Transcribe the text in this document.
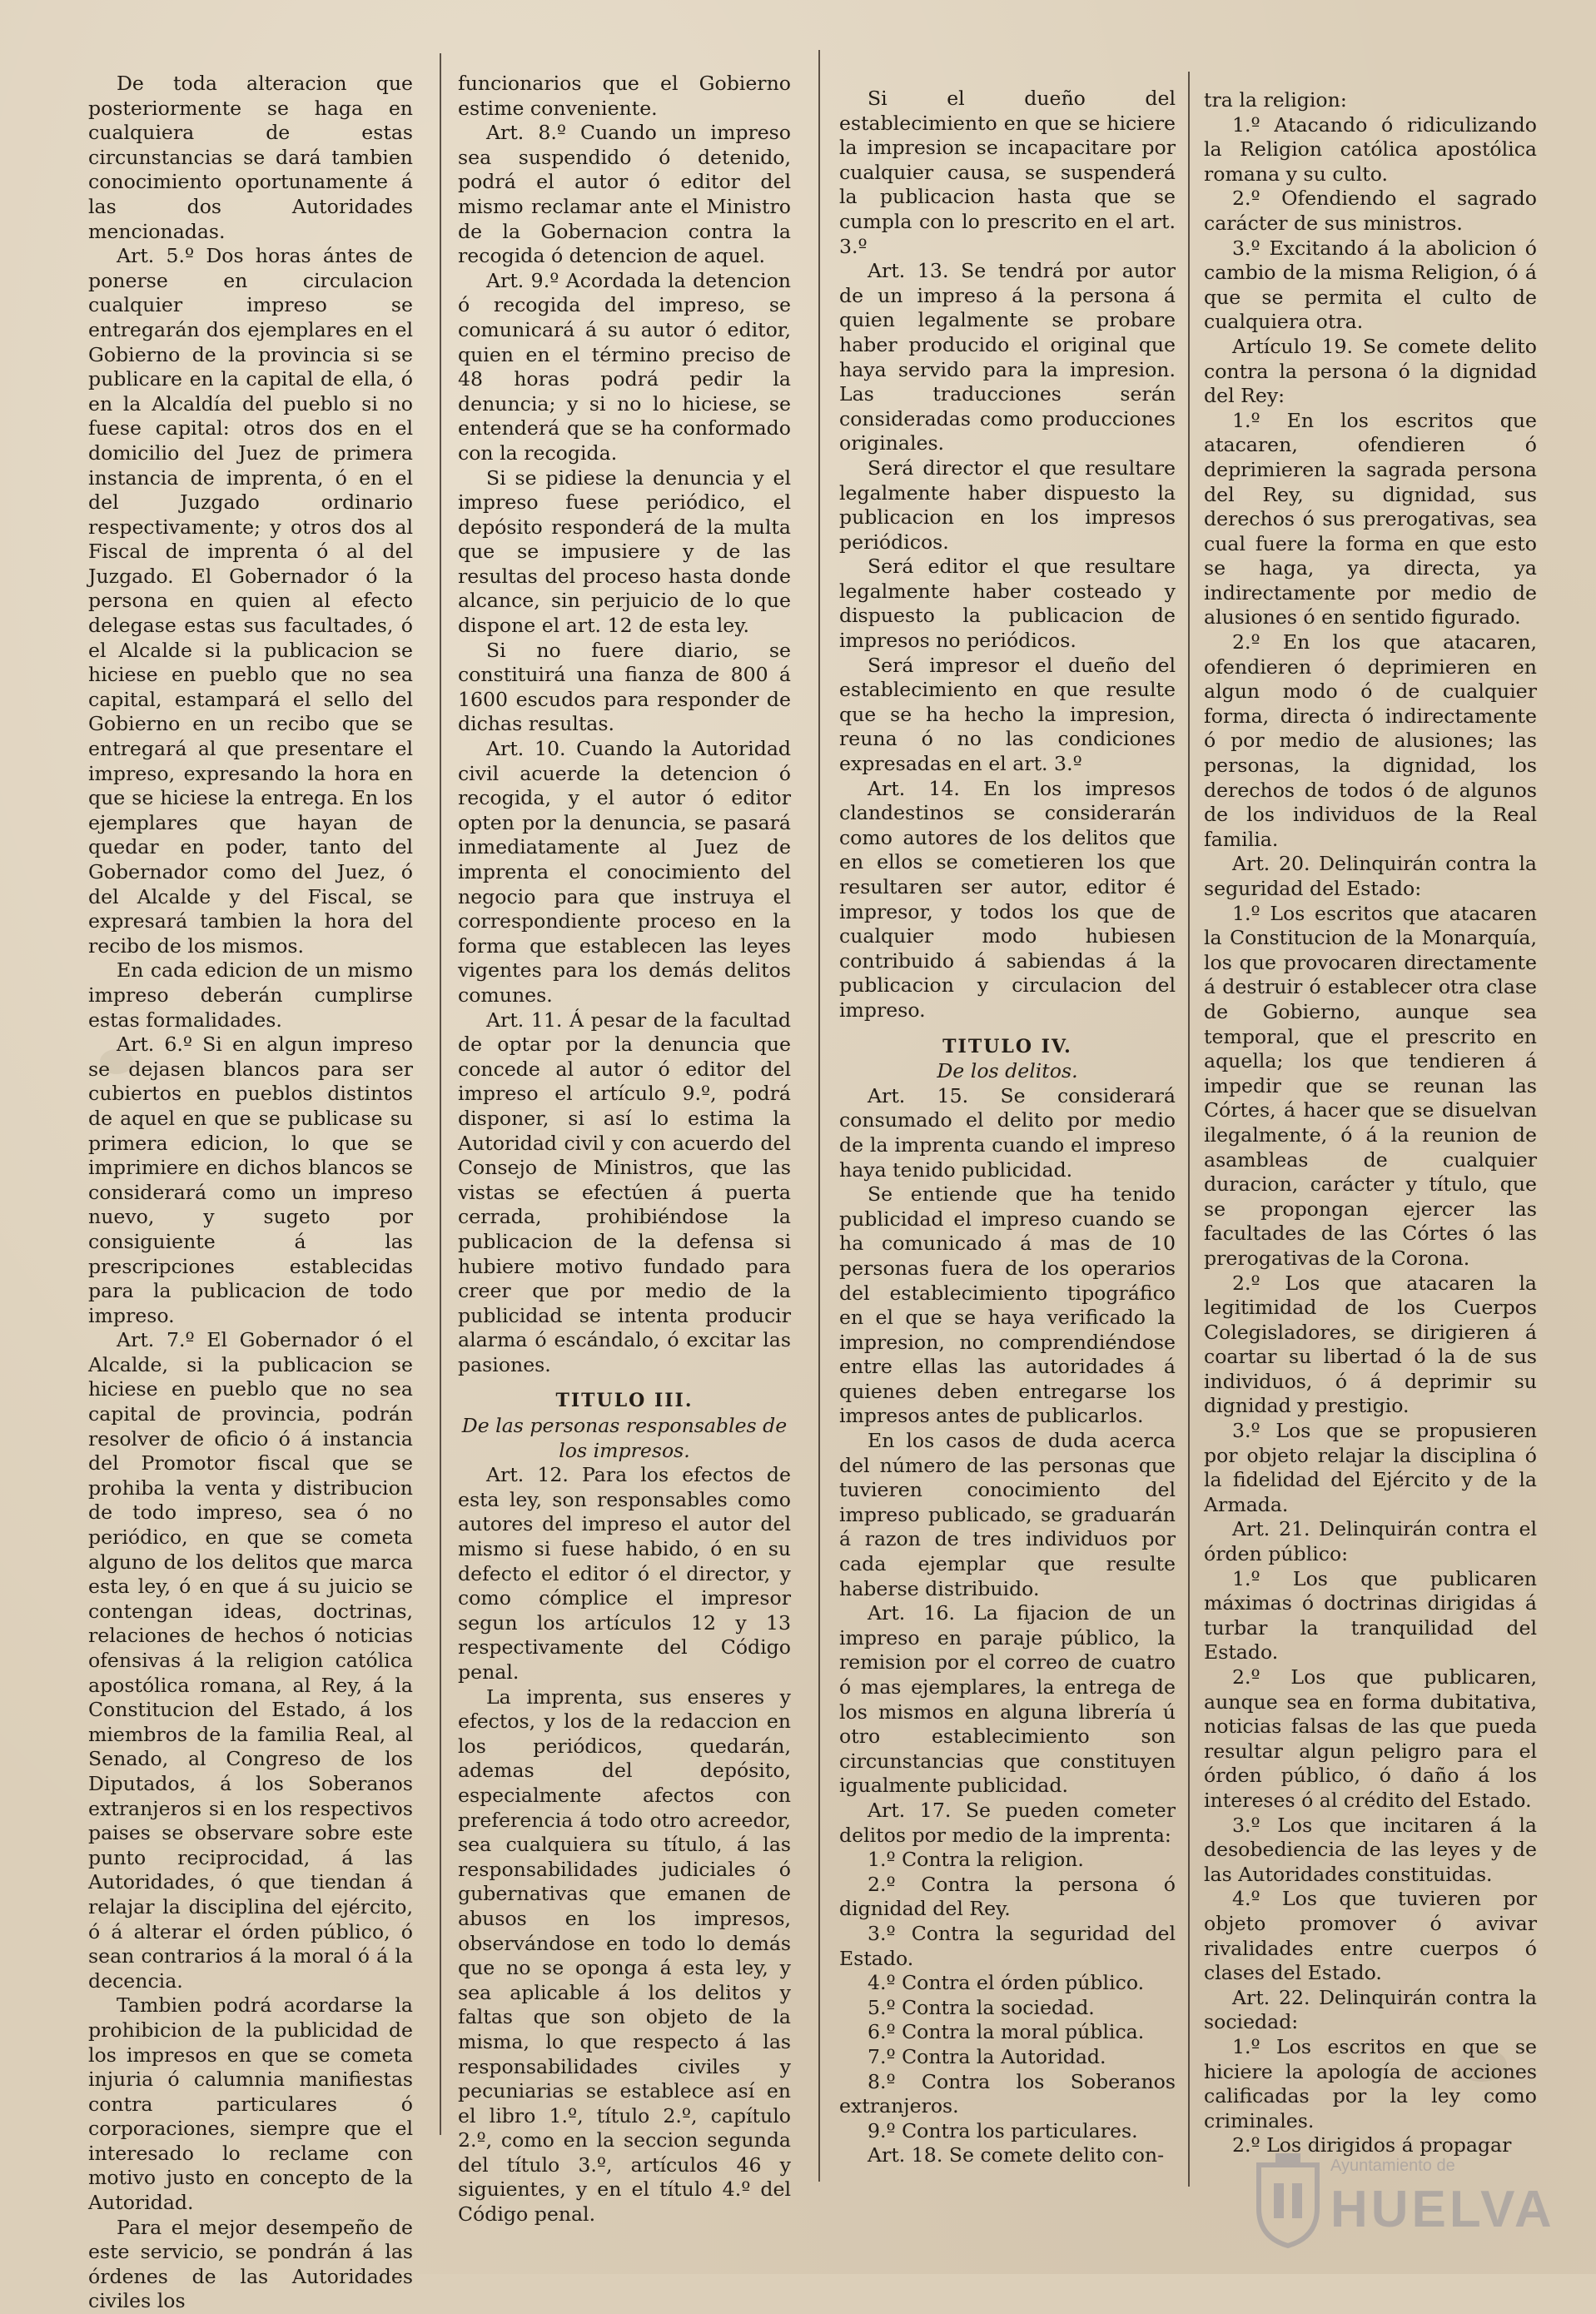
De toda alteracion que posteriormente se haga en cualquiera de estas circunstancias se dará tambien conocimiento oportunamente á las dos Autoridades mencionadas.

Art. 5.º Dos horas ántes de ponerse en circulacion cualquier impreso se entregarán dos ejemplares en el Gobierno de la provincia si se publicare en la capital de ella, ó en la Alcaldía del pueblo si no fuese capital: otros dos en el domicilio del Juez de primera instancia de imprenta, ó en el del Juzgado ordinario respectivamente; y otros dos al Fiscal de imprenta ó al del Juzgado. El Gobernador ó la persona en quien al efecto delegase estas sus facultades, ó el Alcalde si la publicacion se hiciese en pueblo que no sea capital, estampará el sello del Gobierno en un recibo que se entregará al que presentare el impreso, expresando la hora en que se hiciese la entrega. En los ejemplares que hayan de quedar en poder, tanto del Gobernador como del Juez, ó del Alcalde y del Fiscal, se expresará tambien la hora del recibo de los mismos.

En cada edicion de un mismo impreso deberán cumplirse estas formalidades.

Art. 6.º Si en algun impreso se dejasen blancos para ser cubiertos en pueblos distintos de aquel en que se publicase su primera edicion, lo que se imprimiere en dichos blancos se considerará como un impreso nuevo, y sugeto por consiguiente á las prescripciones establecidas para la publicacion de todo impreso.

Art. 7.º El Gobernador ó el Alcalde, si la publicacion se hiciese en pueblo que no sea capital de provincia, podrán resolver de oficio ó á instancia del Promotor fiscal que se prohiba la venta y distribucion de todo impreso, sea ó no periódico, en que se cometa alguno de los delitos que marca esta ley, ó en que á su juicio se contengan ideas, doctrinas, relaciones de hechos ó noticias ofensivas á la religion católica apostólica romana, al Rey, á la Constitucion del Estado, á los miembros de la familia Real, al Senado, al Congreso de los Diputados, á los Soberanos extranjeros si en los respectivos paises se observare sobre este punto reciprocidad, á las Autoridades, ó que tiendan á relajar la disciplina del ejército, ó á alterar el órden público, ó sean contrarios á la moral ó á la decencia.

Tambien podrá acordarse la prohibicion de la publicidad de los impresos en que se cometa injuria ó calumnia manifiestas contra particulares ó corporaciones, siempre que el interesado lo reclame con motivo justo en concepto de la Autoridad.

Para el mejor desempeño de este servicio, se pondrán á las órdenes de las Autoridades civiles los

funcionarios que el Gobierno estime conveniente.

Art. 8.º Cuando un impreso sea suspendido ó detenido, podrá el autor ó editor del mismo reclamar ante el Ministro de la Gobernacion contra la recogida ó detencion de aquel.

Art. 9.º Acordada la detencion ó recogida del impreso, se comunicará á su autor ó editor, quien en el término preciso de 48 horas podrá pedir la denuncia; y si no lo hiciese, se entenderá que se ha conformado con la recogida.

Si se pidiese la denuncia y el impreso fuese periódico, el depósito responderá de la multa que se impusiere y de las resultas del proceso hasta donde alcance, sin perjuicio de lo que dispone el art. 12 de esta ley.

Si no fuere diario, se constituirá una fianza de 800 á 1600 escudos para responder de dichas resultas.

Art. 10. Cuando la Autoridad civil acuerde la detencion ó recogida, y el autor ó editor opten por la denuncia, se pasará inmediatamente al Juez de imprenta el conocimiento del negocio para que instruya el correspondiente proceso en la forma que establecen las leyes vigentes para los demás delitos comunes.

Art. 11. Á pesar de la facultad de optar por la denuncia que concede al autor ó editor del impreso el artículo 9.º, podrá disponer, si así lo estima la Autoridad civil y con acuerdo del Consejo de Ministros, que las vistas se efectúen á puerta cerrada, prohibiéndose la publicacion de la defensa si hubiere motivo fundado para creer que por medio de la publicidad se intenta producir alarma ó escándalo, ó excitar las pasiones.

TITULO III.
De las personas responsables de los impresos.

Art. 12. Para los efectos de esta ley, son responsables como autores del impreso el autor del mismo si fuese habido, ó en su defecto el editor ó el director, y como cómplice el impresor segun los artículos 12 y 13 respectivamente del Código penal.

La imprenta, sus enseres y efectos, y los de la redaccion en los periódicos, quedarán, ademas del depósito, especialmente afectos con preferencia á todo otro acreedor, sea cualquiera su título, á las responsabilidades judiciales ó gubernativas que emanen de abusos en los impresos, observándose en todo lo demás que no se oponga á esta ley, y sea aplicable á los delitos y faltas que son objeto de la misma, lo que respecto á las responsabilidades civiles y pecuniarias se establece así en el libro 1.º, título 2.º, capítulo 2.º, como en la seccion segunda del título 3.º, artículos 46 y siguientes, y en el título 4.º del Código penal.

Si el dueño del establecimiento en que se hiciere la impresion se incapacitare por cualquier causa, se suspenderá la publicacion hasta que se cumpla con lo prescrito en el art. 3.º

Art. 13. Se tendrá por autor de un impreso á la persona á quien legalmente se probare haber producido el original que haya servido para la impresion. Las traducciones serán consideradas como producciones originales.

Será director el que resultare legalmente haber dispuesto la publicacion en los impresos periódicos.

Será editor el que resultare legalmente haber costeado y dispuesto la publicacion de impresos no periódicos.

Será impresor el dueño del establecimiento en que resulte que se ha hecho la impresion, reuna ó no las condiciones expresadas en el art. 3.º

Art. 14. En los impresos clandestinos se considerarán como autores de los delitos que en ellos se cometieren los que resultaren ser autor, editor é impresor, y todos los que de cualquier modo hubiesen contribuido á sabiendas á la publicacion y circulacion del impreso.

TITULO IV.
De los delitos.

Art. 15. Se considerará consumado el delito por medio de la imprenta cuando el impreso haya tenido publicidad.

Se entiende que ha tenido publicidad el impreso cuando se ha comunicado á mas de 10 personas fuera de los operarios del establecimiento tipográfico en el que se haya verificado la impresion, no comprendiéndose entre ellas las autoridades á quienes deben entregarse los impresos antes de publicarlos.

En los casos de duda acerca del número de las personas que tuvieren conocimiento del impreso publicado, se graduarán á razon de tres individuos por cada ejemplar que resulte haberse distribuido.

Art. 16. La fijacion de un impreso en paraje público, la remision por el correo de cuatro ó mas ejemplares, la entrega de los mismos en alguna librería ú otro establecimiento son circunstancias que constituyen igualmente publicidad.

Art. 17. Se pueden cometer delitos por medio de la imprenta:

1.º Contra la religion.

2.º Contra la persona ó dignidad del Rey.

3.º Contra la seguridad del Estado.

4.º Contra el órden público.

5.º Contra la sociedad.

6.º Contra la moral pública.

7.º Contra la Autoridad.

8.º Contra los Soberanos extranjeros.

9.º Contra los particulares.

Art. 18. Se comete delito con-

tra la religion:

1.º Atacando ó ridiculizando la Religion católica apostólica romana y su culto.

2.º Ofendiendo el sagrado carácter de sus ministros.

3.º Excitando á la abolicion ó cambio de la misma Religion, ó á que se permita el culto de cualquiera otra.

Artículo 19. Se comete delito contra la persona ó la dignidad del Rey:

1.º En los escritos que atacaren, ofendieren ó deprimieren la sagrada persona del Rey, su dignidad, sus derechos ó sus prerogativas, sea cual fuere la forma en que esto se haga, ya directa, ya indirectamente por medio de alusiones ó en sentido figurado.

2.º En los que atacaren, ofendieren ó deprimieren en algun modo ó de cualquier forma, directa ó indirectamente ó por medio de alusiones; las personas, la dignidad, los derechos de todos ó de algunos de los individuos de la Real familia.

Art. 20. Delinquirán contra la seguridad del Estado:

1.º Los escritos que atacaren la Constitucion de la Monarquía, los que provocaren directamente á destruir ó establecer otra clase de Gobierno, aunque sea temporal, que el prescrito en aquella; los que tendieren á impedir que se reunan las Córtes, á hacer que se disuelvan ilegalmente, ó á la reunion de asambleas de cualquier duracion, carácter y título, que se propongan ejercer las facultades de las Córtes ó las prerogativas de la Corona.

2.º Los que atacaren la legitimidad de los Cuerpos Colegisladores, se dirigieren á coartar su libertad ó la de sus individuos, ó á deprimir su dignidad y prestigio.

3.º Los que se propusieren por objeto relajar la disciplina ó la fidelidad del Ejército y de la Armada.

Art. 21. Delinquirán contra el órden público:

1.º Los que publicaren máximas ó doctrinas dirigidas á turbar la tranquilidad del Estado.

2.º Los que publicaren, aunque sea en forma dubitativa, noticias falsas de las que pueda resultar algun peligro para el órden público, ó daño á los intereses ó al crédito del Estado.

3.º Los que incitaren á la desobediencia de las leyes y de las Autoridades constituidas.

4.º Los que tuvieren por objeto promover ó avivar rivalidades entre cuerpos ó clases del Estado.

Art. 22. Delinquirán contra la sociedad:

1.º Los escritos en que se hiciere la apología de acciones calificadas por la ley como criminales.

2.º Los dirigidos á propagar

Ayuntamiento de
HUELVA
